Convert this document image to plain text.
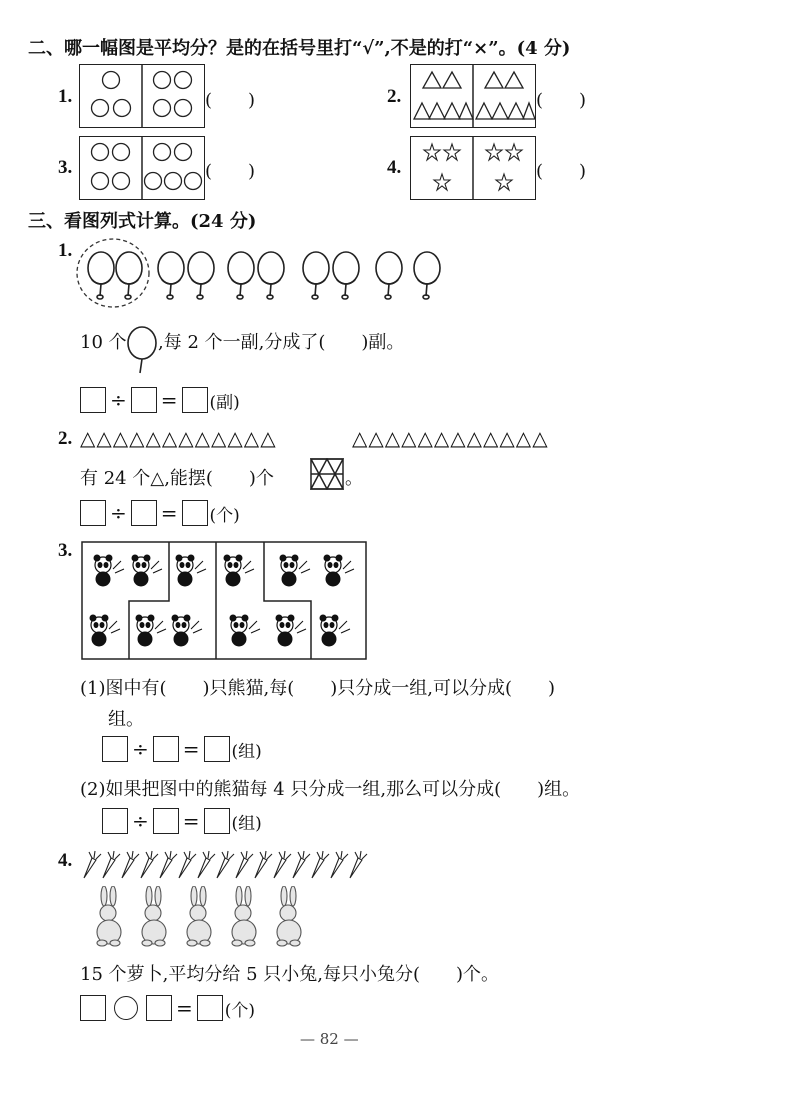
二、哪一幅图是平均分？是的在括号里打“√”,不是的打“×”。(4 分)
1.	(　　)	2.	(　　)
3.	(　　)	4.	(　　)
三、看图列式计算。(24 分)
1.
10 个 ,每 2 个一副,分成了(　　)副。
÷ = (副)
2. △△△△△△△△△△△△	△△△△△△△△△△△△
有 24 个△,能摆(　　)个	。
÷ = (个)
3.
(1)图中有(　　)只熊猫,每(　　)只分成一组,可以分成(　　)
组。
÷ = (组)
(2)如果把图中的熊猫每 4 只分成一组,那么可以分成(　　)组。
÷ = (组)
4.
15 个萝卜,平均分给 5 只小兔,每只小兔分(　　)个。
= (个)
— 82 —
